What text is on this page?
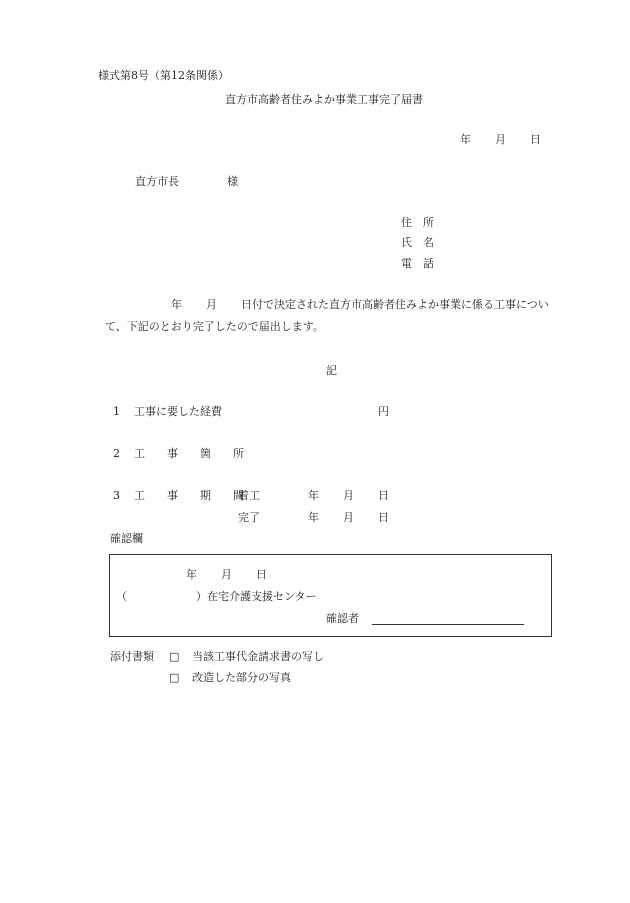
様式第8号（第12条関係）
直方市高齢者住みよか事業工事完了届書
年 月 日
直方市長	様
住　所
氏　名
電　話
年 月 日付で決定された直方市高齢者住みよか事業に係る工事につい
て、下記のとおり完了したので届出します。
記
1 工事に要した経費	円
2 工　　事　　箇　　所
3 工　　事　　期　　間
着工	年 月 日
完了	年 月 日
確認欄
年 月 日
（	）在宅介護支援センター
確認者
添付書類 □ 当該工事代金請求書の写し
□ 改造した部分の写真
